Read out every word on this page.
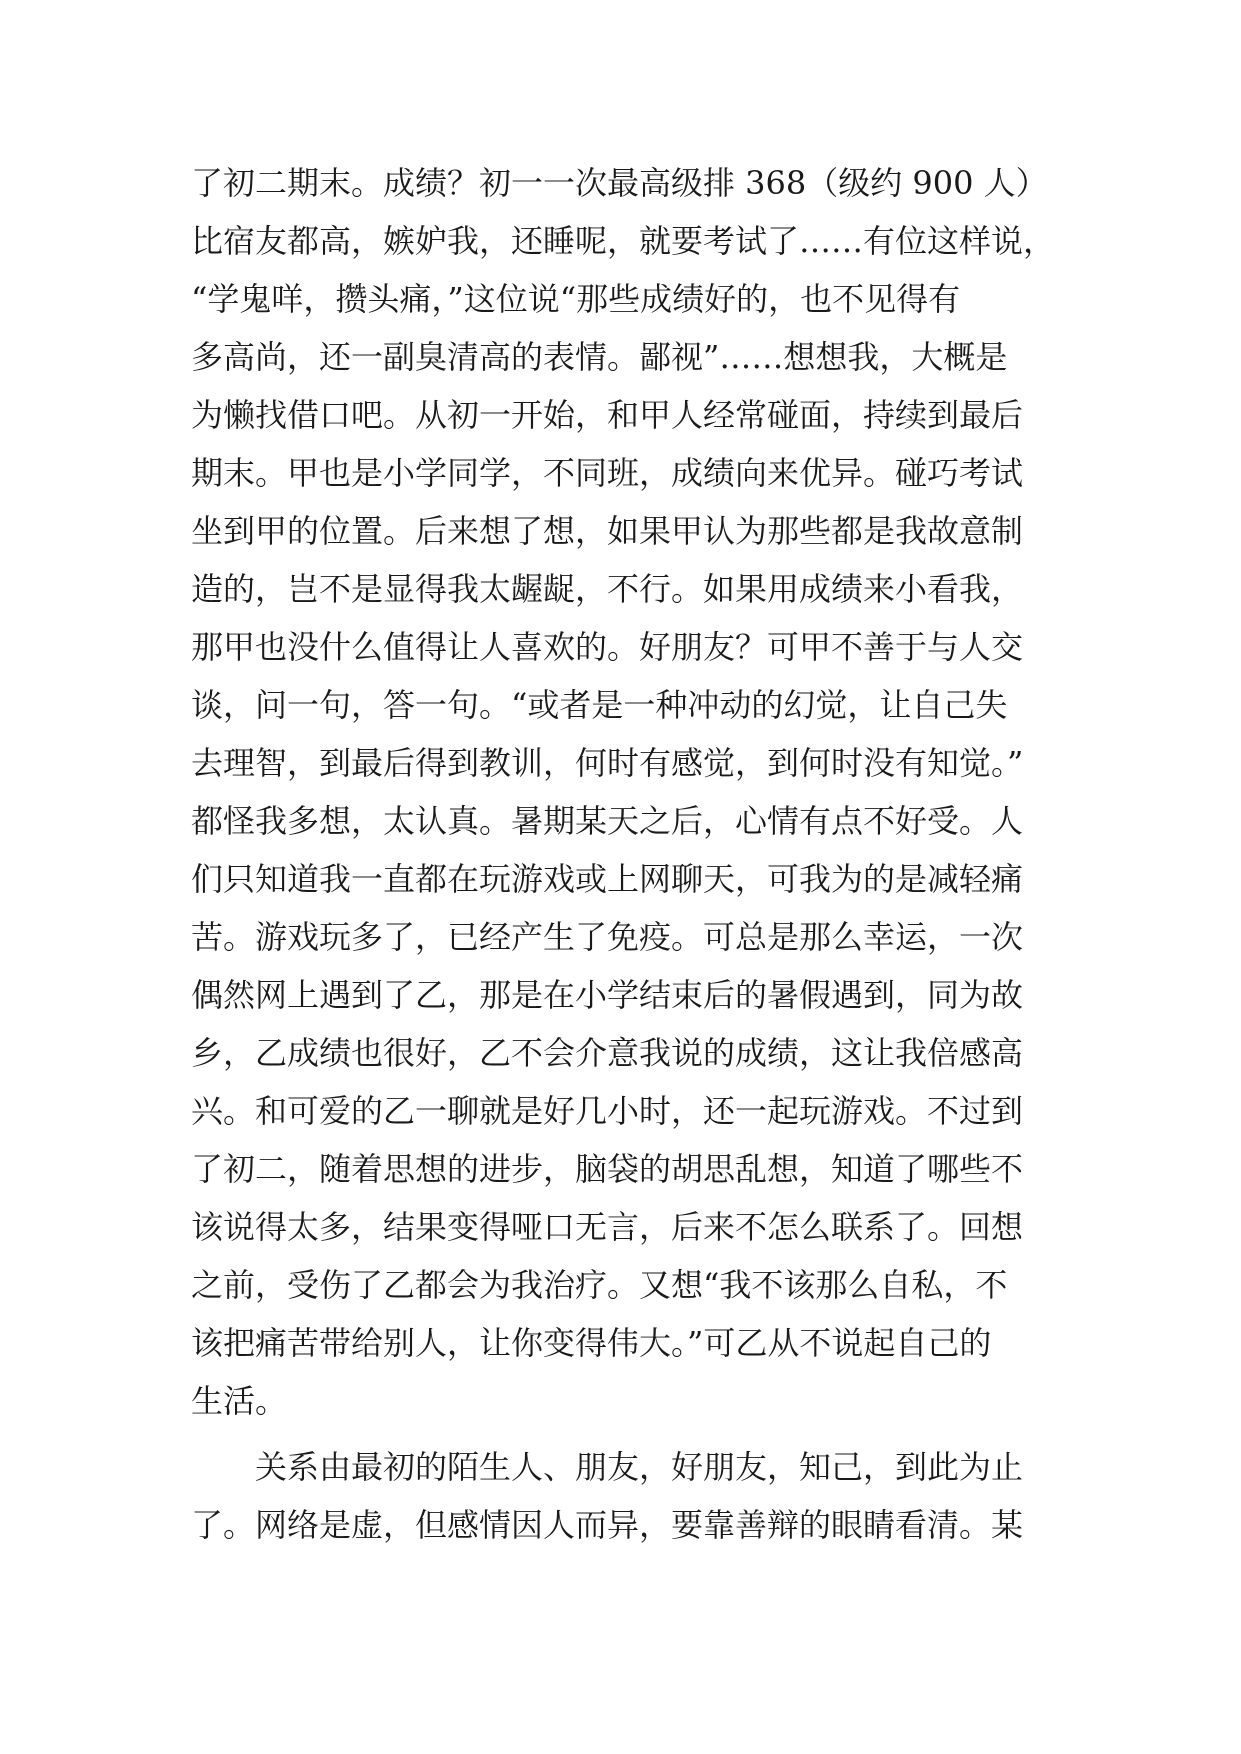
了初二期末。成绩？初一一次最高级排 368（级约 900 人）
比宿友都高，嫉妒我，还睡呢，就要考试了……有位这样说，
“学鬼咩，攒头痛，”这位说“那些成绩好的，也不见得有
多高尚，还一副臭清高的表情。鄙视”……想想我，大概是
为懒找借口吧。从初一开始，和甲人经常碰面，持续到最后
期末。甲也是小学同学，不同班，成绩向来优异。碰巧考试
坐到甲的位置。后来想了想，如果甲认为那些都是我故意制
造的，岂不是显得我太龌龊，不行。如果用成绩来小看我，
那甲也没什么值得让人喜欢的。好朋友？可甲不善于与人交
谈，问一句，答一句。“或者是一种冲动的幻觉，让自己失
去理智，到最后得到教训，何时有感觉，到何时没有知觉。”
都怪我多想，太认真。暑期某天之后，心情有点不好受。人
们只知道我一直都在玩游戏或上网聊天，可我为的是减轻痛
苦。游戏玩多了，已经产生了免疫。可总是那么幸运，一次
偶然网上遇到了乙，那是在小学结束后的暑假遇到，同为故
乡，乙成绩也很好，乙不会介意我说的成绩，这让我倍感高
兴。和可爱的乙一聊就是好几小时，还一起玩游戏。不过到
了初二，随着思想的进步，脑袋的胡思乱想，知道了哪些不
该说得太多，结果变得哑口无言，后来不怎么联系了。回想
之前，受伤了乙都会为我治疗。又想“我不该那么自私，不
该把痛苦带给别人，让你变得伟大。”可乙从不说起自己的
生活。
关系由最初的陌生人、朋友，好朋友，知己，到此为止
了。网络是虚，但感情因人而异，要靠善辩的眼睛看清。某
